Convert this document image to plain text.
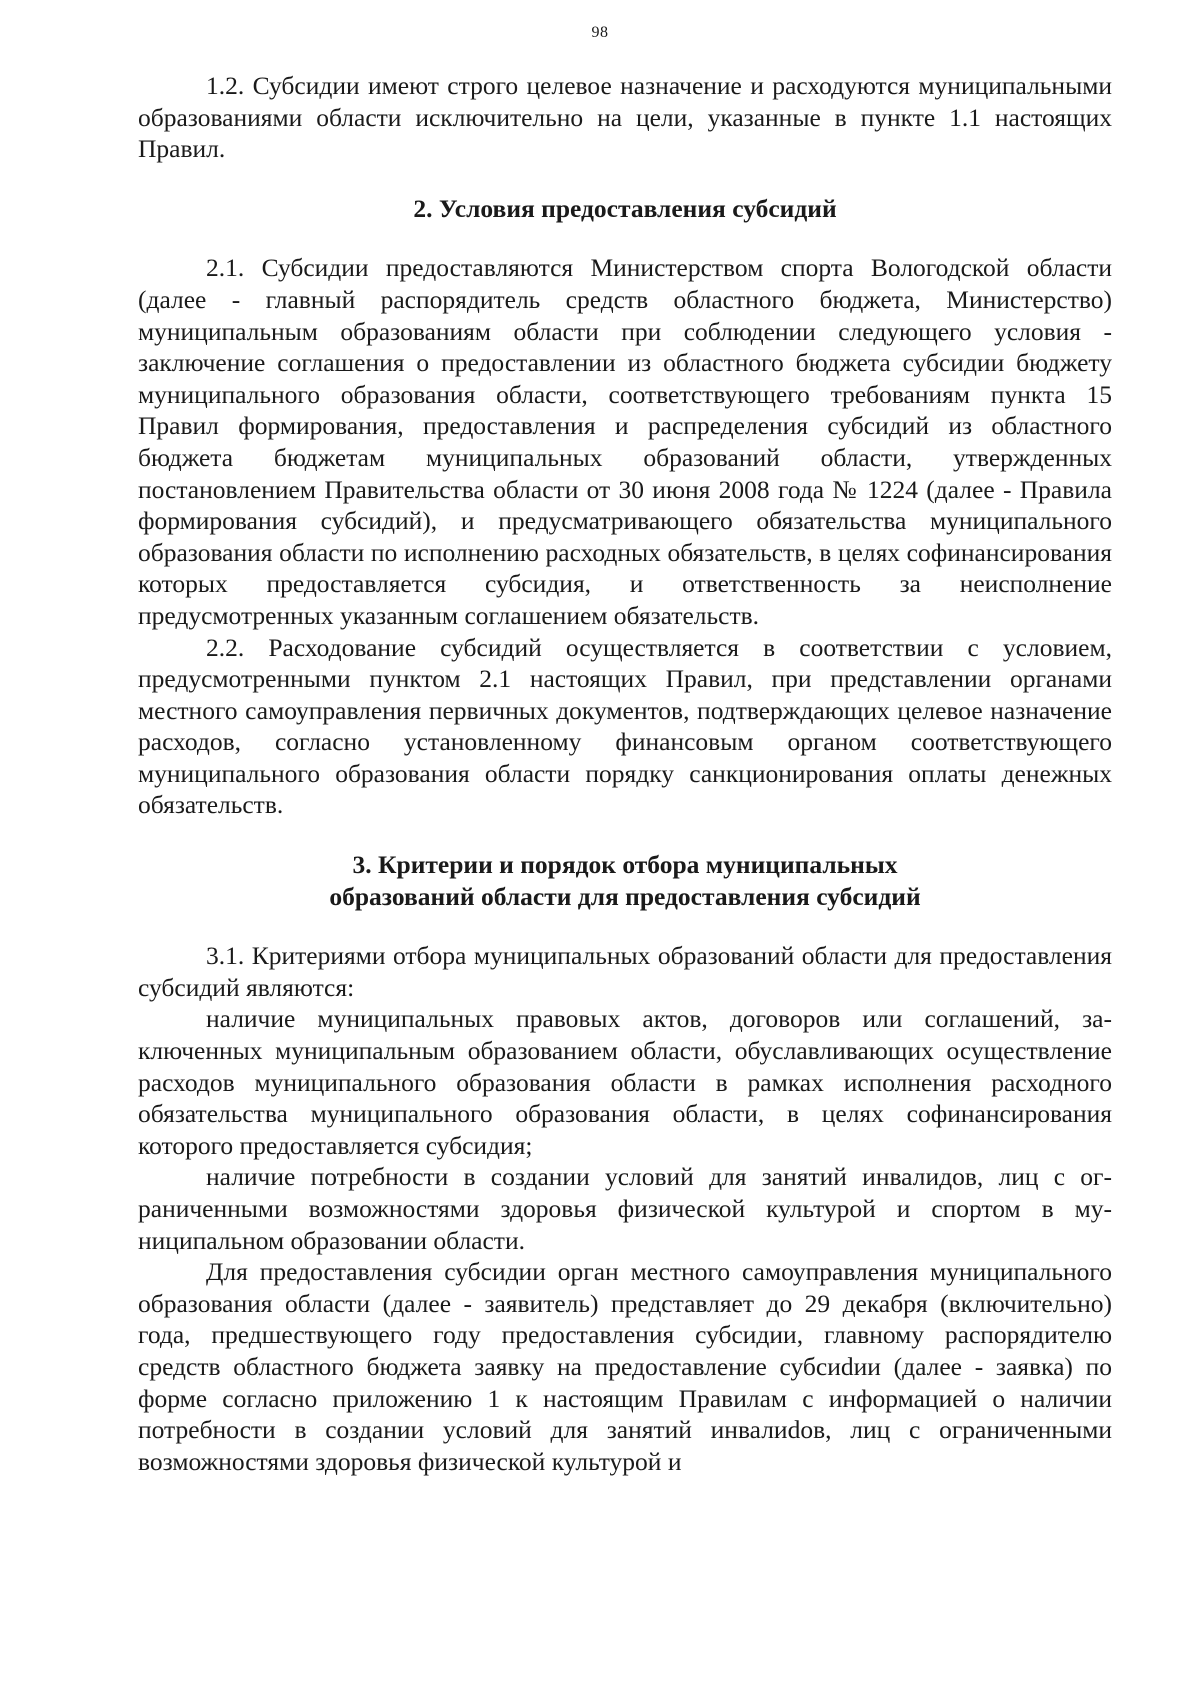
98

1.2. Субсидии имеют строго целевое назначение и расходуются муниципальными образованиями области исключительно на цели, указанные в пункте 1.1 настоящих Правил.

2. Условия предоставления субсидий

2.1. Субсидии предоставляются Министерством спорта Вологодской области (далее - главный распорядитель средств областного бюджета, Министерство) муниципальным образованиям области при соблюдении следующего условия - заключение соглашения о предоставлении из областного бюджета субсидии бюджету муниципального образования области, соответствующего требованиям пункта 15 Правил формирования, предоставления и распределения субсидий из областного бюджета бюджетам муниципальных образований области, утвержденных постановлением Правительства области от 30 июня 2008 года № 1224 (далее - Правила формирования субсидий), и предусматривающего обязательства муниципального образования области по исполнению расходных обязательств, в целях софинансирования которых предоставляется субсидия, и ответственность за неисполнение предусмотренных указанным соглашением обязательств.

2.2. Расходование субсидий осуществляется в соответствии с условием, предусмотренными пунктом 2.1 настоящих Правил, при представлении органами местного самоуправления первичных документов, подтверждающих целевое назначение расходов, согласно установленному финансовым органом соответствующего муниципального образования области порядку санкционирования оплаты денежных обязательств.

3. Критерии и порядок отбора муниципальных
образований области для предоставления субсидий

3.1. Критериями отбора муниципальных образований области для предоставления субсидий являются:

наличие муниципальных правовых актов, договоров или соглашений, заключенных муниципальным образованием области, обуславливающих осуществление расходов муниципального образования области в рамках исполнения расходного обязательства муниципального образования области, в целях софинансирования которого предоставляется субсидия;

наличие потребности в создании условий для занятий инвалидов, лиц с ограниченными возможностями здоровья физической культурой и спортом в муниципальном образовании области.

Для предоставления субсидии орган местного самоуправления муниципального образования области (далее - заявитель) представляет до 29 декабря (включительно) года, предшествующего году предоставления субсидии, главному распорядителю средств областного бюджета заявку на предоставление субсиdии (далее - заявка) по форме согласно приложению 1 к настоящим Правилам с информацией о наличии потребности в создании условий для занятий инвалиdов, лиц с ограниченными возможностями здоровья физической культурой и
